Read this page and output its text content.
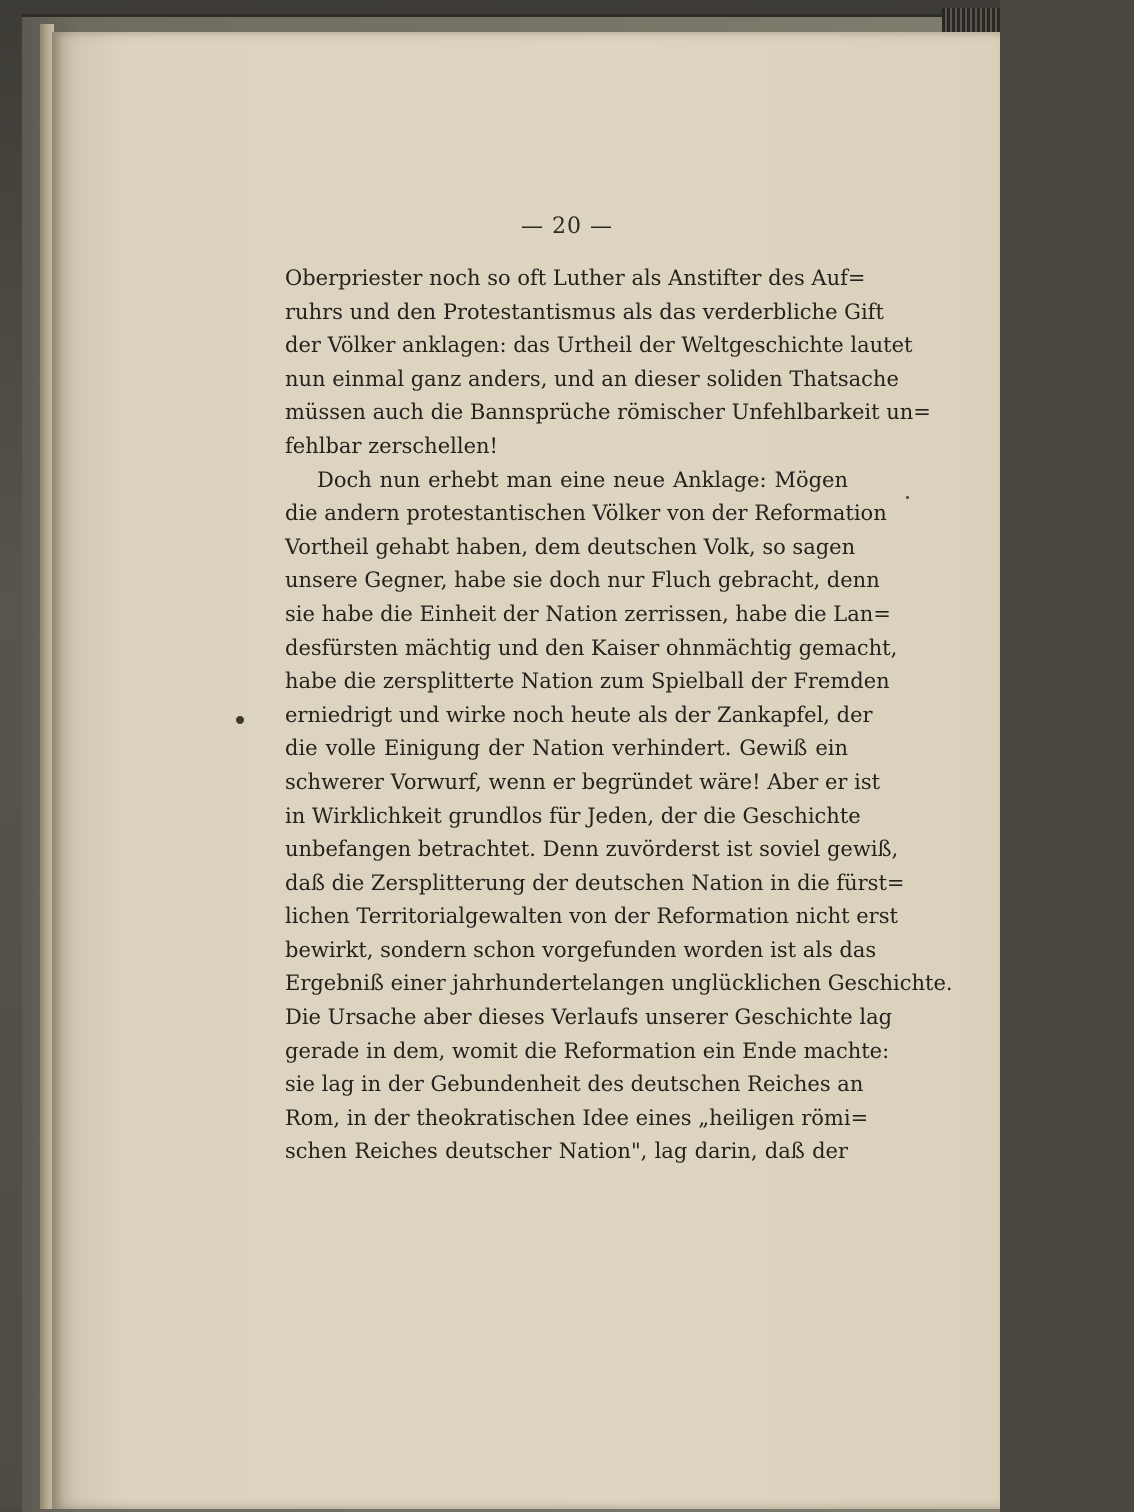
— 20 —
Oberpriester noch so oft Luther als Anstifter des Auf=
ruhrs und den Protestantismus als das verderbliche Gift
der Völker anklagen: das Urtheil der Weltgeschichte lautet
nun einmal ganz anders, und an dieser soliden Thatsache
müssen auch die Bannsprüche römischer Unfehlbarkeit un=
fehlbar zerschellen!
Doch nun erhebt man eine neue Anklage: Mögen
die andern protestantischen Völker von der Reformation
Vortheil gehabt haben, dem deutschen Volk, so sagen
unsere Gegner, habe sie doch nur Fluch gebracht, denn
sie habe die Einheit der Nation zerrissen, habe die Lan=
desfürsten mächtig und den Kaiser ohnmächtig gemacht,
habe die zersplitterte Nation zum Spielball der Fremden
erniedrigt und wirke noch heute als der Zankapfel, der
die volle Einigung der Nation verhindert. Gewiß ein
schwerer Vorwurf, wenn er begründet wäre! Aber er ist
in Wirklichkeit grundlos für Jeden, der die Geschichte
unbefangen betrachtet. Denn zuvörderst ist soviel gewiß,
daß die Zersplitterung der deutschen Nation in die fürst=
lichen Territorialgewalten von der Reformation nicht erst
bewirkt, sondern schon vorgefunden worden ist als das
Ergebniß einer jahrhundertelangen unglücklichen Geschichte.
Die Ursache aber dieses Verlaufs unserer Geschichte lag
gerade in dem, womit die Reformation ein Ende machte:
sie lag in der Gebundenheit des deutschen Reiches an
Rom, in der theokratischen Idee eines „heiligen römi=
schen Reiches deutscher Nation", lag darin, daß der
